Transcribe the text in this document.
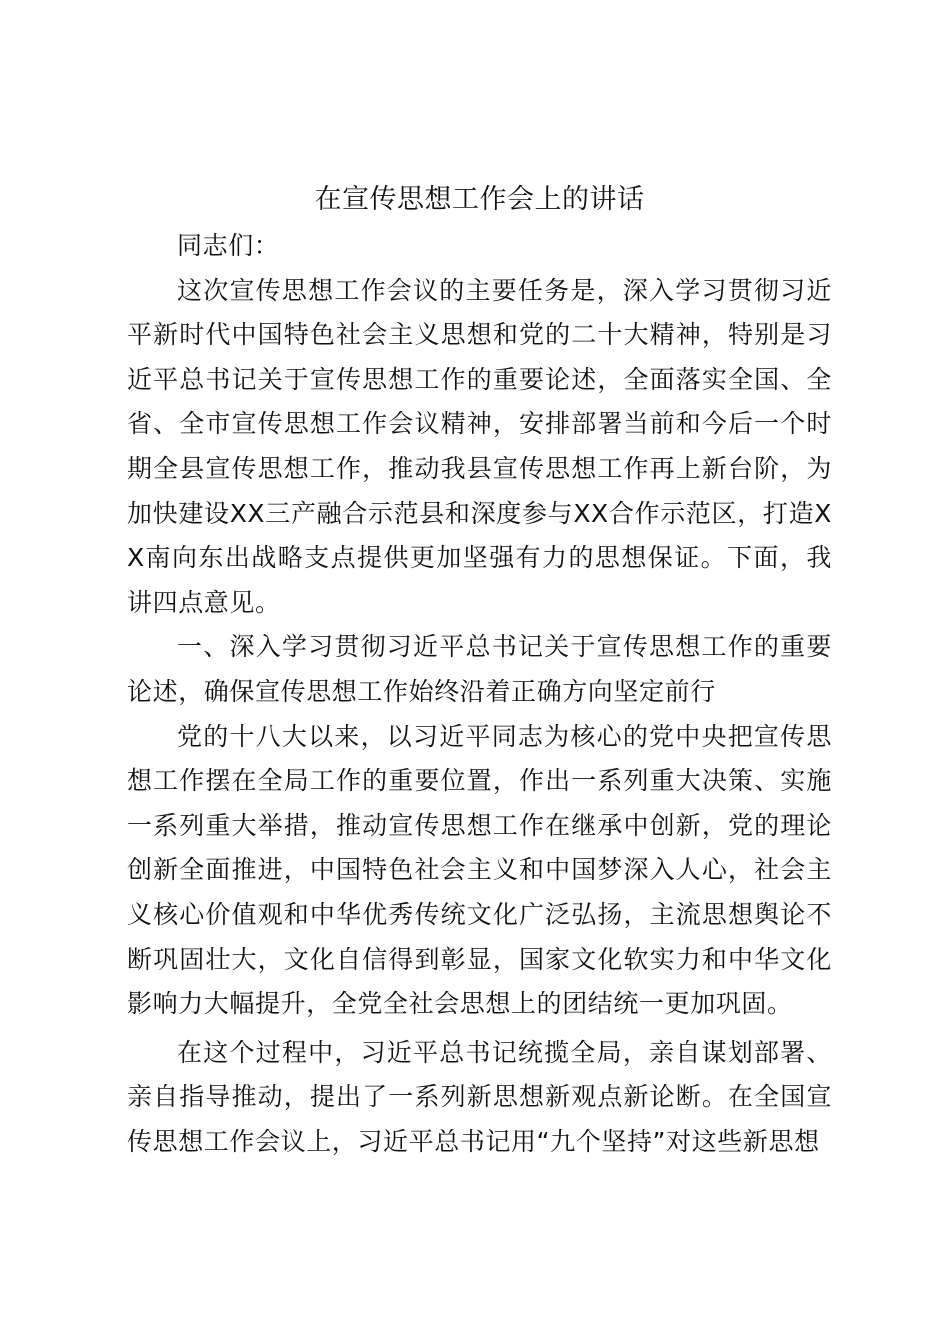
在宣传思想工作会上的讲话

同志们：

这次宣传思想工作会议的主要任务是，深入学习贯彻习近平新时代中国特色社会主义思想和党的二十大精神，特别是习近平总书记关于宣传思想工作的重要论述，全面落实全国、全省、全市宣传思想工作会议精神，安排部署当前和今后一个时期全县宣传思想工作，推动我县宣传思想工作再上新台阶，为加快建设XX三产融合示范县和深度参与XX合作示范区，打造XX南向东出战略支点提供更加坚强有力的思想保证。下面，我讲四点意见。

一、深入学习贯彻习近平总书记关于宣传思想工作的重要论述，确保宣传思想工作始终沿着正确方向坚定前行

党的十八大以来，以习近平同志为核心的党中央把宣传思想工作摆在全局工作的重要位置，作出一系列重大决策、实施一系列重大举措，推动宣传思想工作在继承中创新，党的理论创新全面推进，中国特色社会主义和中国梦深入人心，社会主义核心价值观和中华优秀传统文化广泛弘扬，主流思想舆论不断巩固壮大，文化自信得到彰显，国家文化软实力和中华文化影响力大幅提升，全党全社会思想上的团结统一更加巩固。

在这个过程中，习近平总书记统揽全局，亲自谋划部署、亲自指导推动，提出了一系列新思想新观点新论断。在全国宣传思想工作会议上，习近平总书记用“九个坚持”对这些新思想
